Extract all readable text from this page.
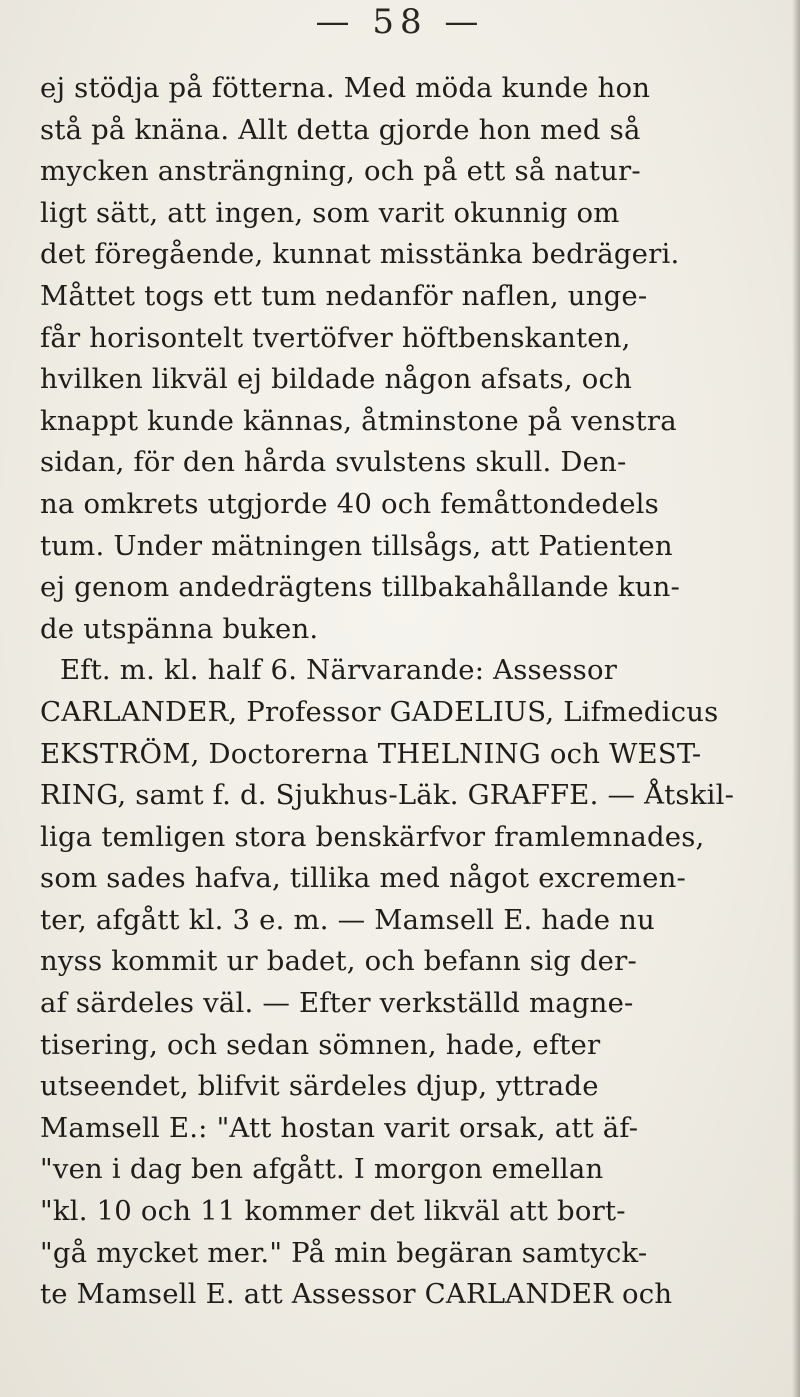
— 58 —
ej stödja på fötterna. Med möda kunde hon
stå på knäna. Allt detta gjorde hon med så
mycken ansträngning, och på ett så natur-
ligt sätt, att ingen, som varit okunnig om
det föregående, kunnat misstänka bedrägeri.
Måttet togs ett tum nedanför naflen, unge-
får horisontelt tvertöfver höftbenskanten,
hvilken likväl ej bildade någon afsats, och
knappt kunde kännas, åtminstone på venstra
sidan, för den hårda svulstens skull. Den-
na omkrets utgjorde 40 och femåttondedels
tum. Under mätningen tillsågs, att Patienten
ej genom andedrägtens tillbakahållande kun-
de utspänna buken.
Eft. m. kl. half 6. Närvarande: Assessor
CARLANDER, Professor GADELIUS, Lifmedicus
EKSTRÖM, Doctorerna THELNING och WEST-
RING, samt f. d. Sjukhus-Läk. GRAFFE. — Åtskil-
liga temligen stora benskärfvor framlemnades,
som sades hafva, tillika med något excremen-
ter, afgått kl. 3 e. m. — Mamsell E. hade nu
nyss kommit ur badet, och befann sig der-
af särdeles väl. — Efter verkställd magne-
tisering, och sedan sömnen, hade, efter
utseendet, blifvit särdeles djup, yttrade
Mamsell E.: "Att hostan varit orsak, att äf-
"ven i dag ben afgått. I morgon emellan
"kl. 10 och 11 kommer det likväl att bort-
"gå mycket mer." På min begäran samtyck-
te Mamsell E. att Assessor CARLANDER och
